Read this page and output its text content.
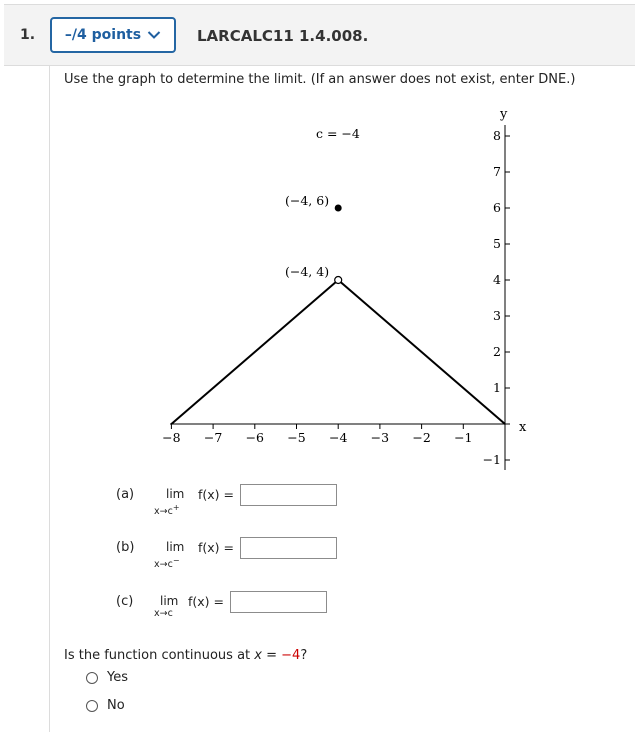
1. –/4 points	LARCALC11 1.4.008.
Use the graph to determine the limit. (If an answer does not exist, enter DNE.)
x
y
−8 −7 −6 −5 −4 −3 −2 −1
8
7
6
5
4
3
2
1
−1
c = −4
(−4, 6)
(−4, 4)
(a)	lim
x→c+
f(x) =
(b)	lim
x→c−
f(x) =
(c) lim
x→c
f(x) =
Is the function continuous at x = −4?
Yes
No
